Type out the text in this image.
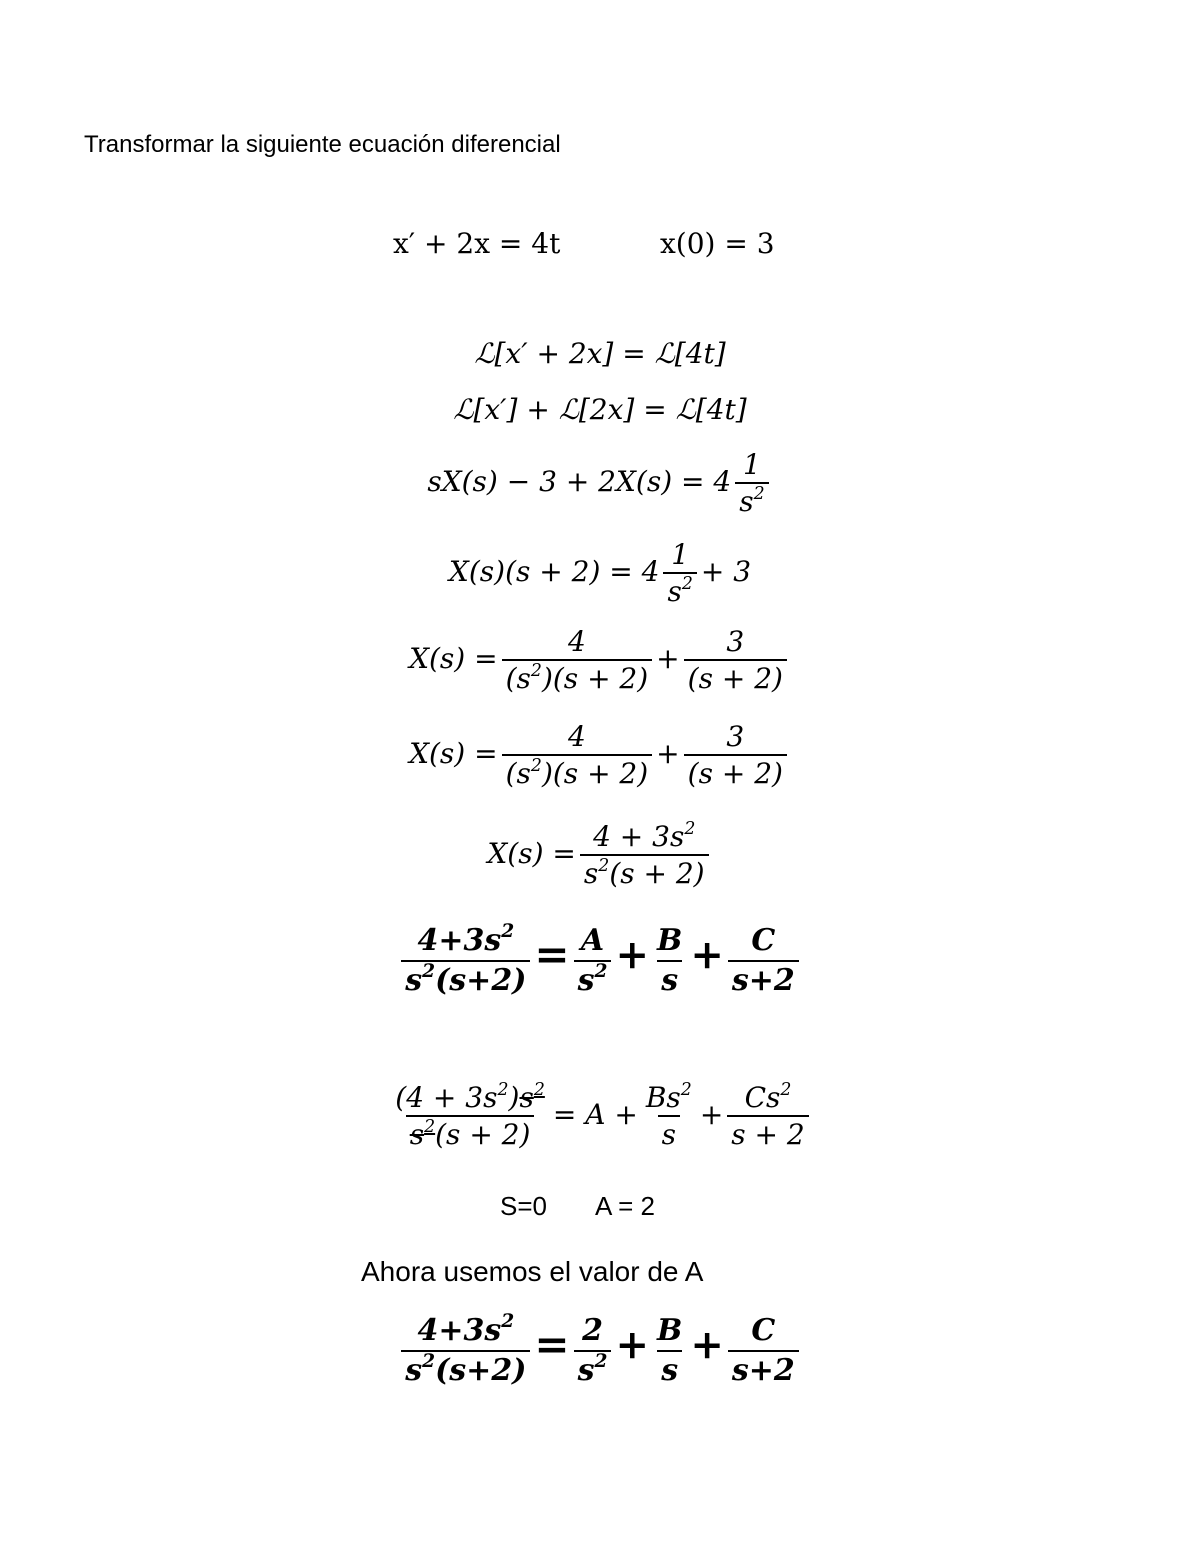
Transformar la siguiente ecuación diferencial
x′ + 2x = 4t	x(0) = 3
ℒ[x′ + 2x] = ℒ[4t]
ℒ[x′] + ℒ[2x] = ℒ[4t]
$sX(s) - 3 + 2X(s) = 4 \frac{1}{s^2}$
$X(s)(s + 2) = 4 \frac{1}{s^2} + 3$
$X(s) = \frac{4}{(s^2)(s + 2)} + \frac{3}{(s + 2)}$
$X(s) = \frac{4}{(s^2)(s + 2)} + \frac{3}{(s + 2)}$
$X(s) = \frac{4 + 3s^2}{s^2(s + 2)}$
$\frac{4+3s^2}{s^2(s+2)} = \frac{A}{s^2} + \frac{B}{s} + \frac{C}{s+2}$
$\frac{(4 + 3s^2)s^2}{s^2(s + 2)} = A + \frac{Bs^2}{s} + \frac{Cs^2}{s + 2}$
S=0 A = 2
Ahora usemos el valor de A
$\frac{4+3s^2}{s^2(s+2)} = \frac{2}{s^2} + \frac{B}{s} + \frac{C}{s+2}$
